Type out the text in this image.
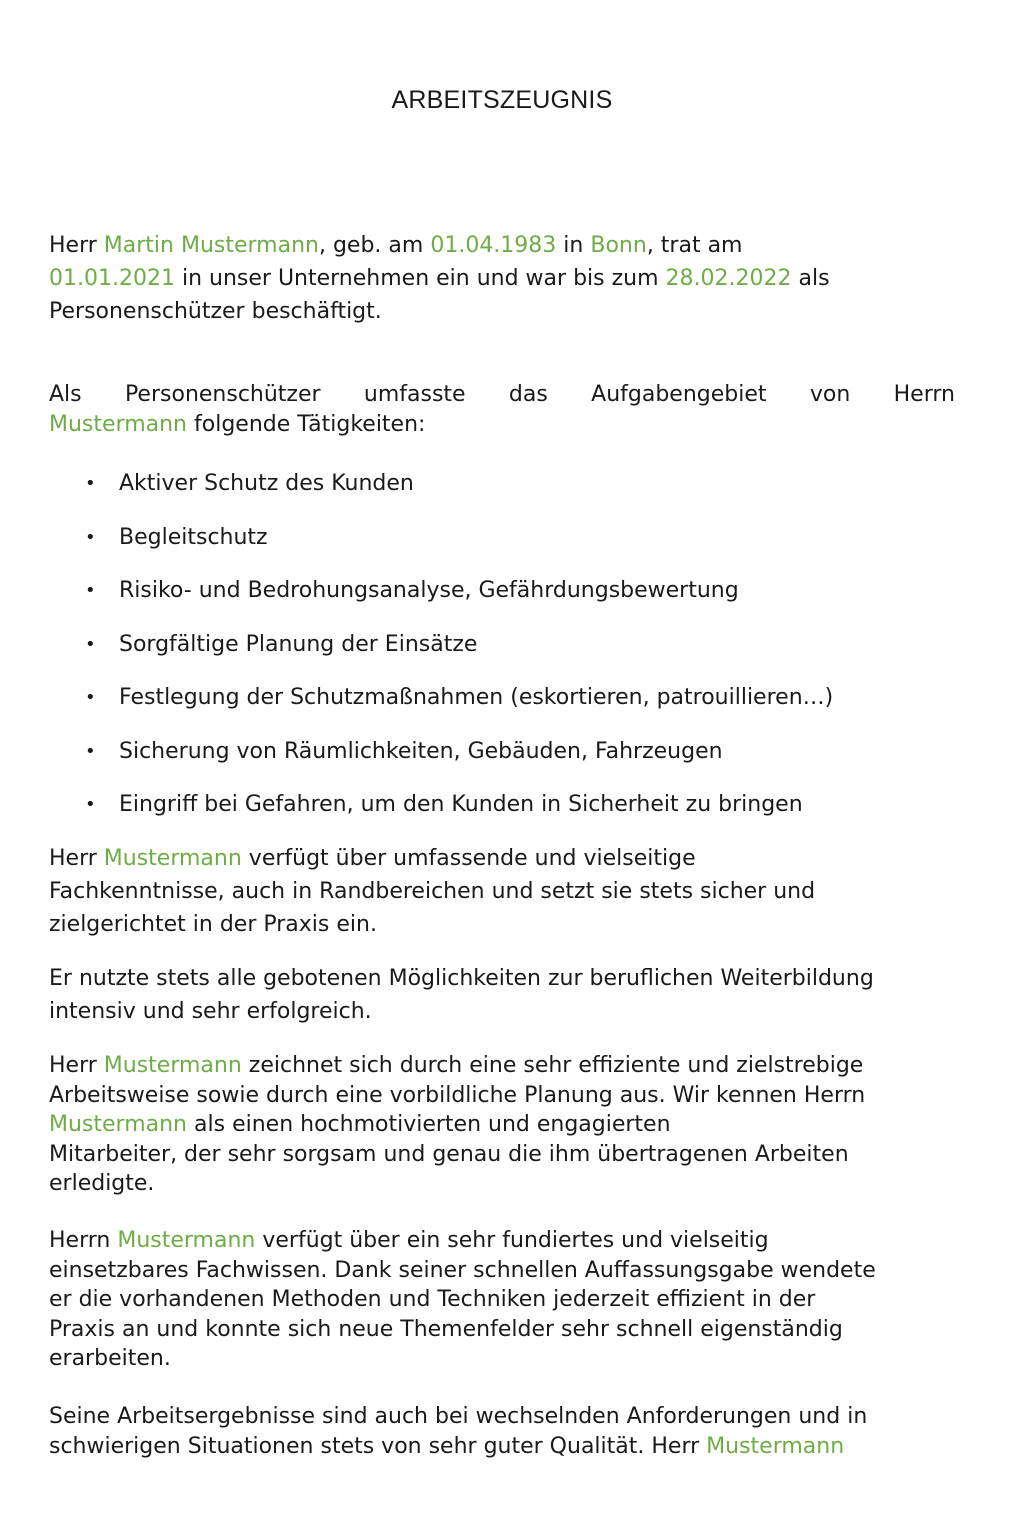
ARBEITSZEUGNIS
Herr Martin Mustermann, geb. am 01.04.1983 in Bonn, trat am
01.01.2021 in unser Unternehmen ein und war bis zum 28.02.2022 als
Personenschützer beschäftigt.
Als Personenschützer umfasste das Aufgabengebiet von Herrn
Mustermann folgende Tätigkeiten:
• Aktiver Schutz des Kunden
• Begleitschutz
• Risiko- und Bedrohungsanalyse, Gefährdungsbewertung
• Sorgfältige Planung der Einsätze
• Festlegung der Schutzmaßnahmen (eskortieren, patrouillieren…)
• Sicherung von Räumlichkeiten, Gebäuden, Fahrzeugen
• Eingriff bei Gefahren, um den Kunden in Sicherheit zu bringen
Herr Mustermann verfügt über umfassende und vielseitige
Fachkenntnisse, auch in Randbereichen und setzt sie stets sicher und
zielgerichtet in der Praxis ein.
Er nutzte stets alle gebotenen Möglichkeiten zur beruflichen Weiterbildung
intensiv und sehr erfolgreich.
Herr Mustermann zeichnet sich durch eine sehr effiziente und zielstrebige
Arbeitsweise sowie durch eine vorbildliche Planung aus. Wir kennen Herrn
Mustermann als einen hochmotivierten und engagierten
Mitarbeiter, der sehr sorgsam und genau die ihm übertragenen Arbeiten
erledigte.
Herrn Mustermann verfügt über ein sehr fundiertes und vielseitig
einsetzbares Fachwissen. Dank seiner schnellen Auffassungsgabe wendete
er die vorhandenen Methoden und Techniken jederzeit effizient in der
Praxis an und konnte sich neue Themenfelder sehr schnell eigenständig
erarbeiten.
Seine Arbeitsergebnisse sind auch bei wechselnden Anforderungen und in
schwierigen Situationen stets von sehr guter Qualität. Herr Mustermann
